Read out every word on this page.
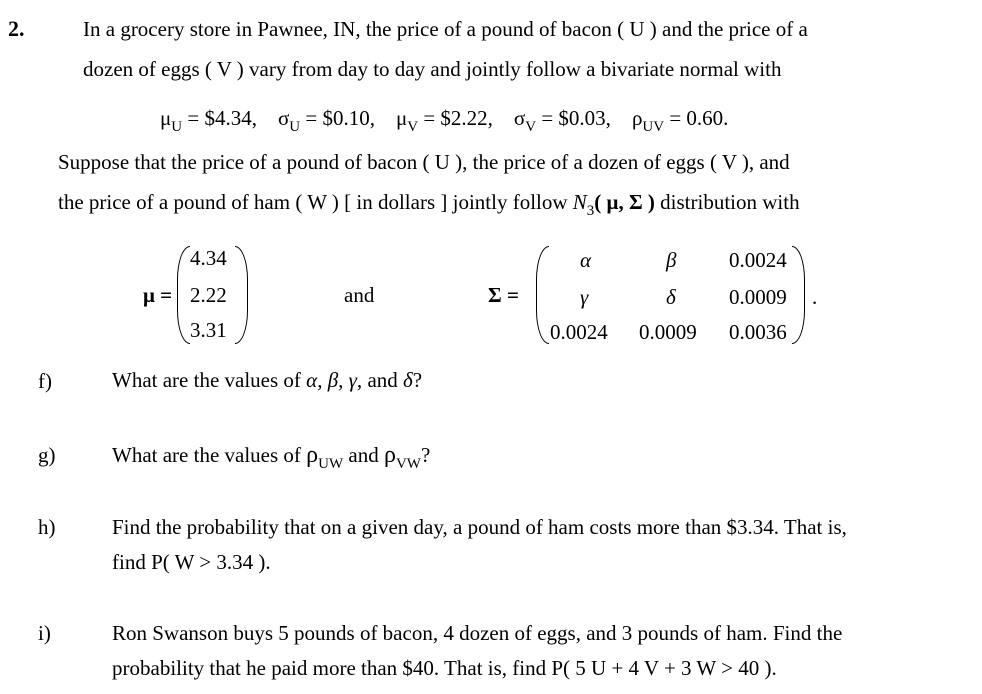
2.	In a grocery store in Pawnee, IN, the price of a pound of bacon ( U ) and the price of a
dozen of eggs ( V ) vary from day to day and jointly follow a bivariate normal with
$\mu_U$ = $4.34, $\sigma_U$ = $0.10, $\mu_V$ = $2.22, $\sigma_V$ = $0.03, $\rho_{UV} = 0.60$.
Suppose that the price of a pound of bacon ( U ), the price of a dozen of eggs ( V ), and
the price of a pound of ham ( W ) [ in dollars ] jointly follow $N_3$( μ, Σ ) distribution with
μ =
4.34
2.22
3.31
and	Σ =
α	β	0.0024
γ	δ	0.0009
0.0024 0.0009 0.0036
.
f)	What are the values of α, β, γ, and δ?
g)	What are the values of $\rho_{UW}$ and $\rho_{VW}$?
h)	Find the probability that on a given day, a pound of ham costs more than $3.34. That is,
find P( W > 3.34 ).
i)	Ron Swanson buys 5 pounds of bacon, 4 dozen of eggs, and 3 pounds of ham. Find the
probability that he paid more than $40. That is, find P( 5 U + 4 V + 3 W > 40 ).
